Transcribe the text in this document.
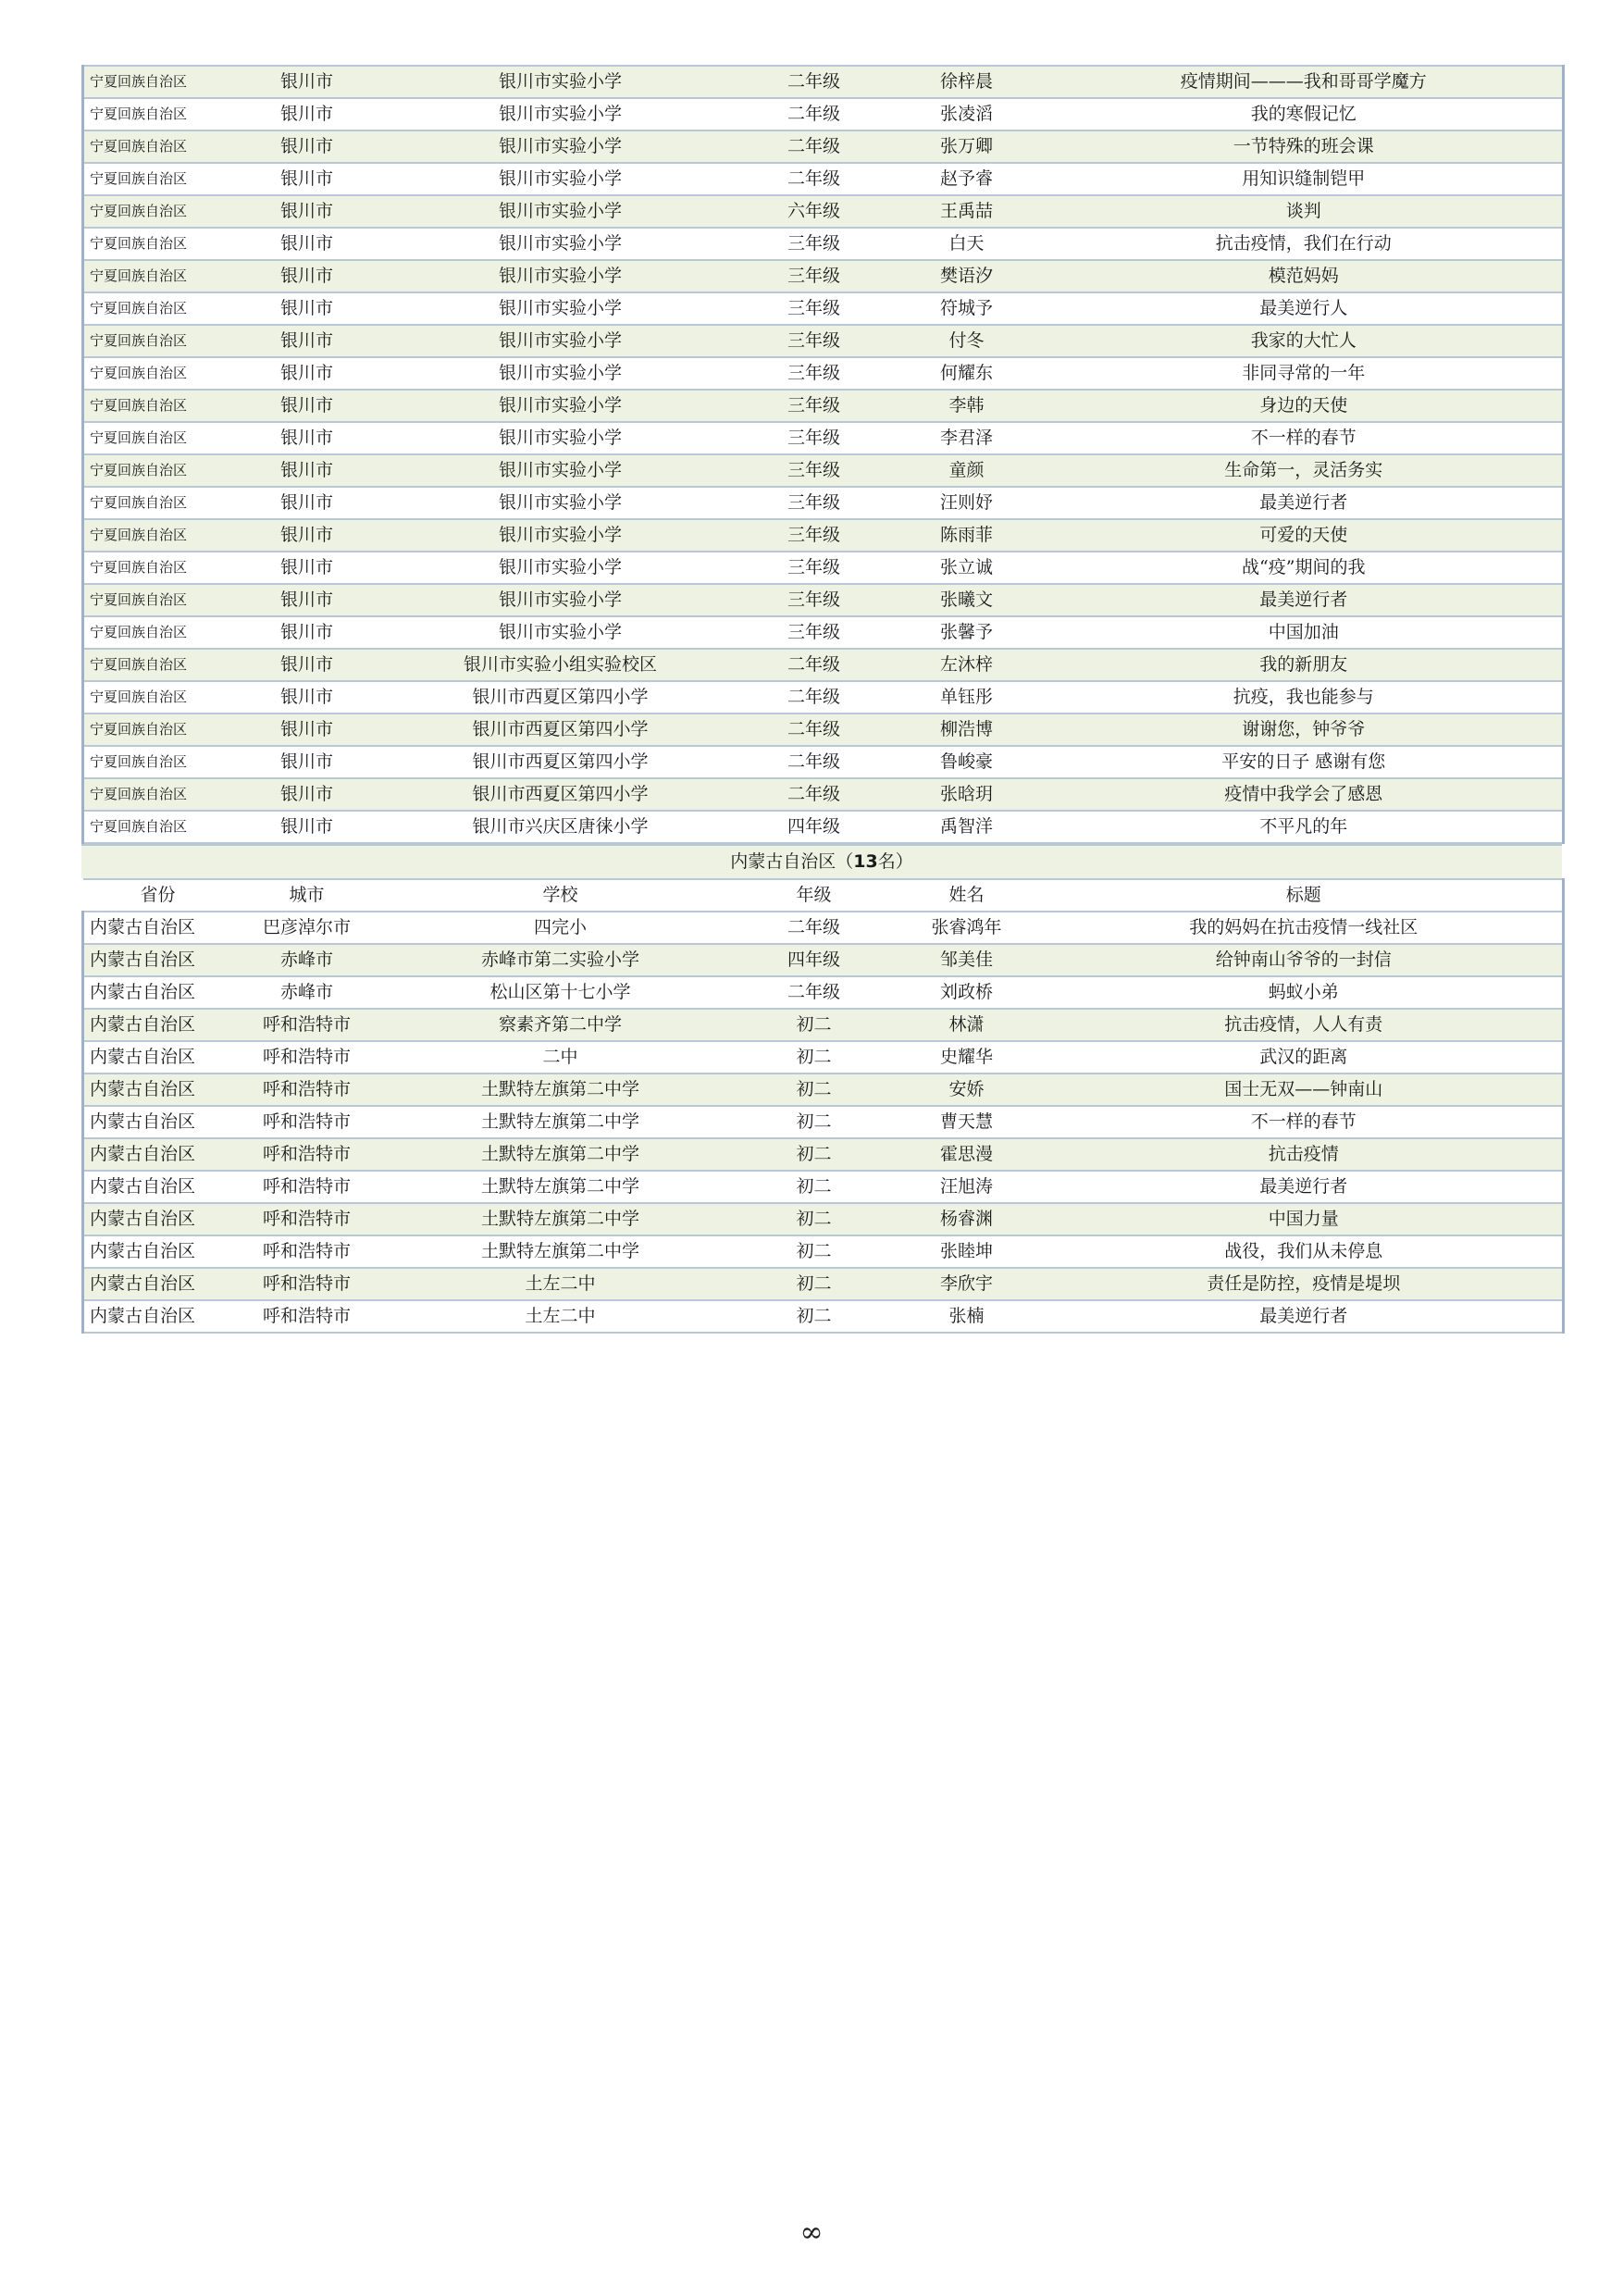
宁夏回族自治区	银川市	银川市实验小学	二年级	徐梓晨	疫情期间———我和哥哥学魔方
宁夏回族自治区	银川市	银川市实验小学	二年级	张凌滔	我的寒假记忆
宁夏回族自治区	银川市	银川市实验小学	二年级	张万卿	一节特殊的班会课
宁夏回族自治区	银川市	银川市实验小学	二年级	赵予睿	用知识缝制铠甲
宁夏回族自治区	银川市	银川市实验小学	六年级	王禹喆	谈判
宁夏回族自治区	银川市	银川市实验小学	三年级	白天	抗击疫情，我们在行动
宁夏回族自治区	银川市	银川市实验小学	三年级	樊语汐	模范妈妈
宁夏回族自治区	银川市	银川市实验小学	三年级	符城予	最美逆行人
宁夏回族自治区	银川市	银川市实验小学	三年级	付冬	我家的大忙人
宁夏回族自治区	银川市	银川市实验小学	三年级	何耀东	非同寻常的一年
宁夏回族自治区	银川市	银川市实验小学	三年级	李韩	身边的天使
宁夏回族自治区	银川市	银川市实验小学	三年级	李君泽	不一样的春节
宁夏回族自治区	银川市	银川市实验小学	三年级	童颜	生命第一，灵活务实
宁夏回族自治区	银川市	银川市实验小学	三年级	汪则妤	最美逆行者
宁夏回族自治区	银川市	银川市实验小学	三年级	陈雨菲	可爱的天使
宁夏回族自治区	银川市	银川市实验小学	三年级	张立诚	战“疫”期间的我
宁夏回族自治区	银川市	银川市实验小学	三年级	张曦文	最美逆行者
宁夏回族自治区	银川市	银川市实验小学	三年级	张馨予	中国加油
宁夏回族自治区	银川市	银川市实验小组实验校区	二年级	左沐梓	我的新朋友
宁夏回族自治区	银川市	银川市西夏区第四小学	二年级	单钰彤	抗疫，我也能参与
宁夏回族自治区	银川市	银川市西夏区第四小学	二年级	柳浩博	谢谢您，钟爷爷
宁夏回族自治区	银川市	银川市西夏区第四小学	二年级	鲁峻豪	平安的日子 感谢有您
宁夏回族自治区	银川市	银川市西夏区第四小学	二年级	张晗玥	疫情中我学会了感恩
宁夏回族自治区	银川市	银川市兴庆区唐徕小学	四年级	禹智洋	不平凡的年
内蒙古自治区（13名）
省份	城市	学校	年级	姓名	标题
内蒙古自治区	巴彦淖尔市	四完小	二年级	张睿鸿年	我的妈妈在抗击疫情一线社区
内蒙古自治区	赤峰市	赤峰市第二实验小学	四年级	邹美佳	给钟南山爷爷的一封信
内蒙古自治区	赤峰市	松山区第十七小学	二年级	刘政桥	蚂蚁小弟
内蒙古自治区	呼和浩特市	察素齐第二中学	初二	林潇	抗击疫情，人人有责
内蒙古自治区	呼和浩特市	二中	初二	史耀华	武汉的距离
内蒙古自治区	呼和浩特市	土默特左旗第二中学	初二	安娇	国士无双——钟南山
内蒙古自治区	呼和浩特市	土默特左旗第二中学	初二	曹天慧	不一样的春节
内蒙古自治区	呼和浩特市	土默特左旗第二中学	初二	霍思漫	抗击疫情
内蒙古自治区	呼和浩特市	土默特左旗第二中学	初二	汪旭涛	最美逆行者
内蒙古自治区	呼和浩特市	土默特左旗第二中学	初二	杨睿渊	中国力量
内蒙古自治区	呼和浩特市	土默特左旗第二中学	初二	张睦坤	战役，我们从未停息
内蒙古自治区	呼和浩特市	土左二中	初二	李欣宇	责任是防控，疫情是堤坝
内蒙古自治区	呼和浩特市	土左二中	初二	张楠	最美逆行者
∞
